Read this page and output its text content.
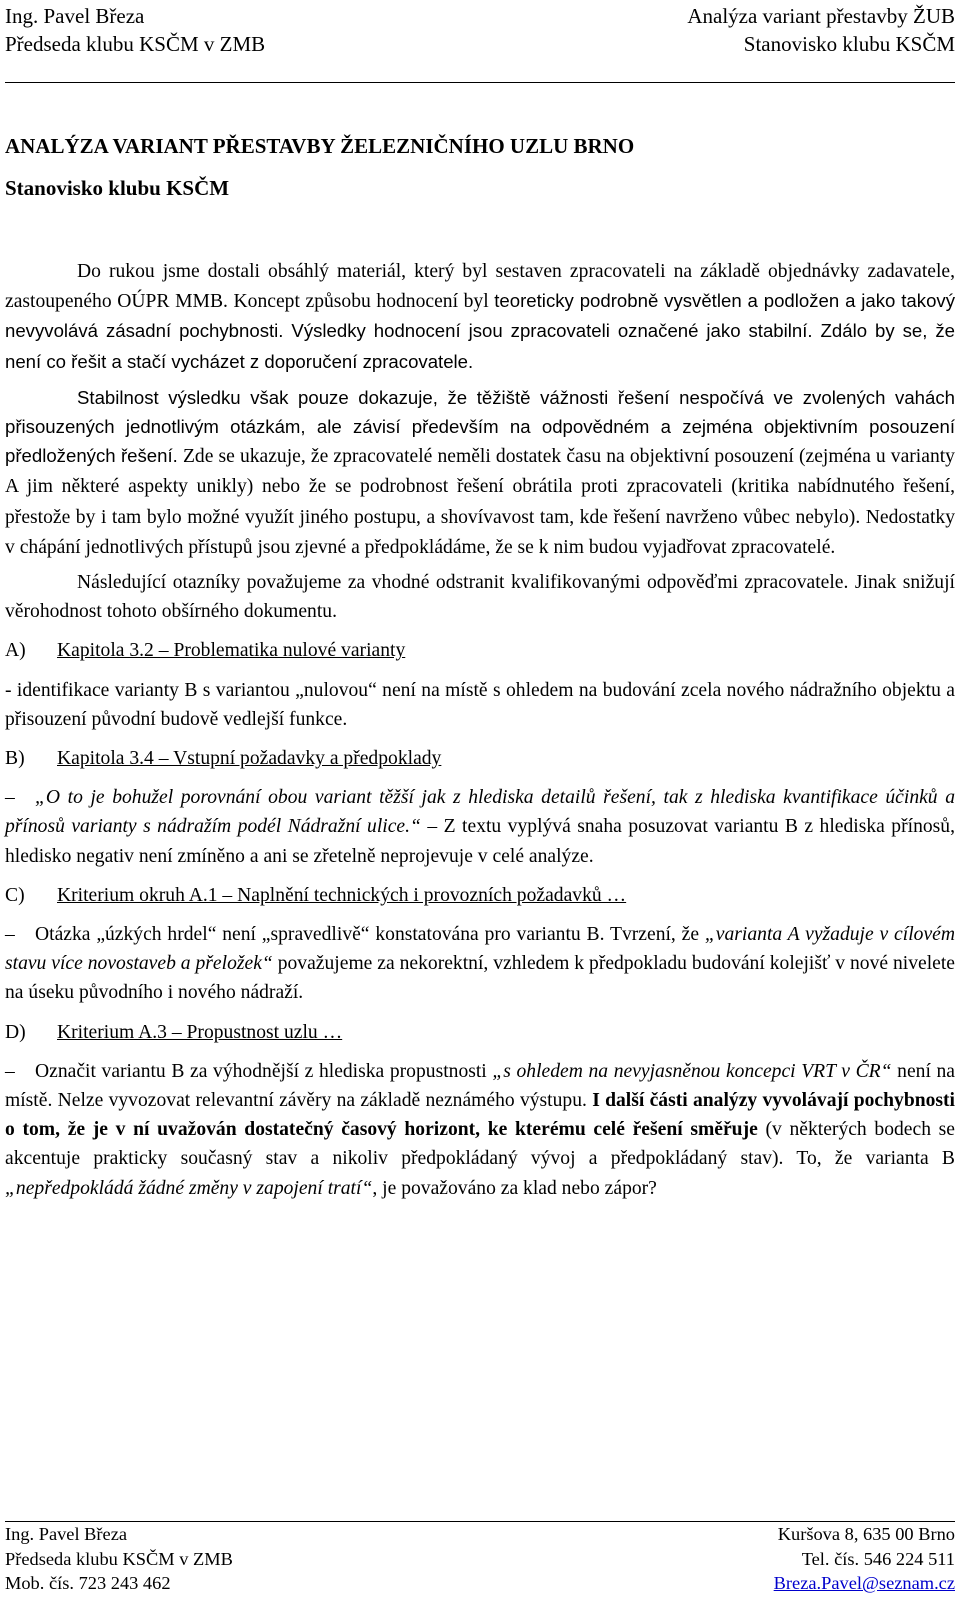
Ing. Pavel Březa
Předseda klubu KSČM v ZMB
Analýza variant přestavby ŽUB
Stanovisko klubu KSČM
ANALÝZA VARIANT PŘESTAVBY ŽELEZNIČNÍHO UZLU BRNO
Stanovisko klubu KSČM

Do rukou jsme dostali obsáhlý materiál, který byl sestaven zpracovateli na základě objednávky zadavatele, zastoupeného OÚPR MMB. Koncept způsobu hodnocení byl teoreticky podrobně vysvětlen a podložen a jako takový nevyvolává zásadní pochybnosti. Výsledky hodnocení jsou zpracovateli označené jako stabilní. Zdálo by se, že není co řešit a stačí vycházet z doporučení zpracovatele.

Stabilnost výsledku však pouze dokazuje, že těžiště vážnosti řešení nespočívá ve zvolených vahách přisouzených jednotlivým otázkám, ale závisí především na odpovědném a zejména objektivním posouzení předložených řešení. Zde se ukazuje, že zpracovatelé neměli dostatek času na objektivní posouzení (zejména u varianty A jim některé aspekty unikly) nebo že se podrobnost řešení obrátila proti zpracovateli (kritika nabídnutého řešení, přestože by i tam bylo možné využít jiného postupu, a shovívavost tam, kde řešení navrženo vůbec nebylo). Nedostatky v chápání jednotlivých přístupů jsou zjevné a předpokládáme, že se k nim budou vyjadřovat zpracovatelé.

Následující otazníky považujeme za vhodné odstranit kvalifikovanými odpověďmi zpracovatele. Jinak snižují věrohodnost tohoto obšírného dokumentu.

A) Kapitola 3.2 – Problematika nulové varianty

- identifikace varianty B s variantou „nulovou“ není na místě s ohledem na budování zcela nového nádražního objektu a přisouzení původní budově vedlejší funkce.

B) Kapitola 3.4 – Vstupní požadavky a předpoklady

– „O to je bohužel porovnání obou variant těžší jak z hlediska detailů řešení, tak z hlediska kvantifikace účinků a přínosů varianty s nádražím podél Nádražní ulice.“ – Z textu vyplývá snaha posuzovat variantu B z hlediska přínosů, hledisko negativ není zmíněno a ani se zřetelně neprojevuje v celé analýze.

C) Kriterium okruh A.1 – Naplnění technických i provozních požadavků …

– Otázka „úzkých hrdel“ není „spravedlivě“ konstatována pro variantu B. Tvrzení, že „varianta A vyžaduje v cílovém stavu více novostaveb a přeložek“ považujeme za nekorektní, vzhledem k předpokladu budování kolejišť v nové nivelete na úseku původního i nového nádraží.

D) Kriterium A.3 – Propustnost uzlu …

– Označit variantu B za výhodnější z hlediska propustnosti „s ohledem na nevyjasněnou koncepci VRT v ČR“ není na místě. Nelze vyvozovat relevantní závěry na základě neznámého výstupu. I další části analýzy vyvolávají pochybnosti o tom, že je v ní uvažován dostatečný časový horizont, ke kterému celé řešení směřuje (v některých bodech se akcentuje prakticky současný stav a nikoliv předpokládaný vývoj a předpokládaný stav). To, že varianta B „nepředpokládá žádné změny v zapojení tratí“, je považováno za klad nebo zápor?

Ing. Pavel Březa
Předseda klubu KSČM v ZMB
Mob. čís. 723 243 462
Kuršova 8, 635 00 Brno
Tel. čís. 546 224 511
Breza.Pavel@seznam.cz
